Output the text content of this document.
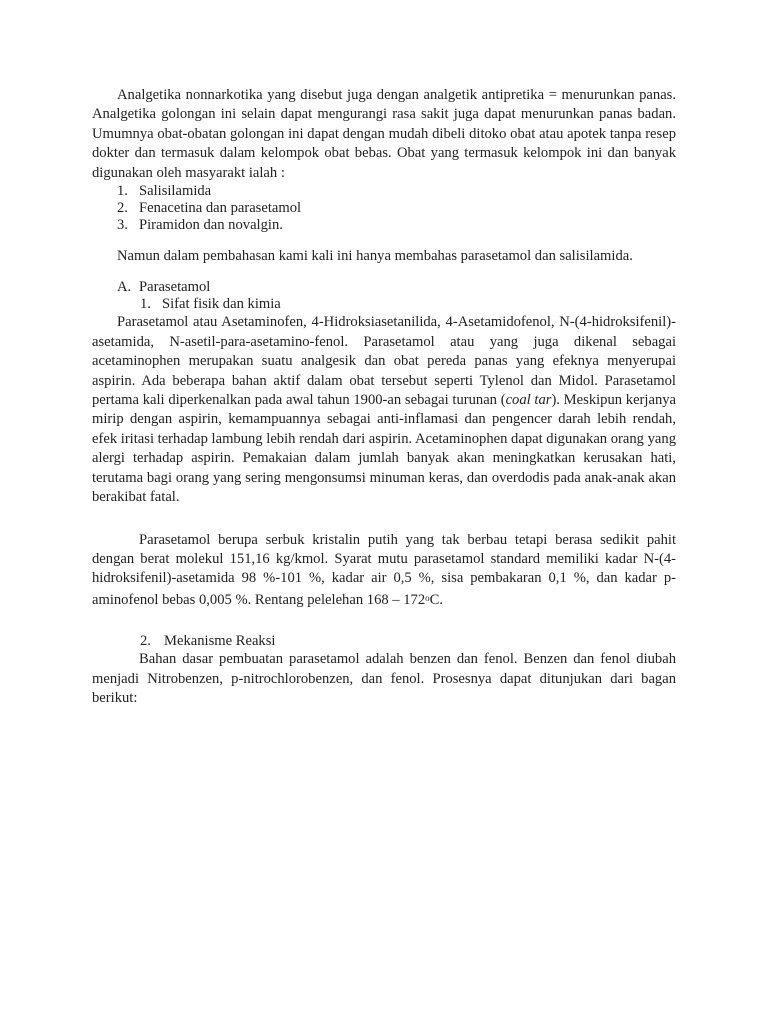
Analgetika nonnarkotika yang disebut juga dengan analgetik antipretika = menurunkan panas. Analgetika golongan ini selain dapat mengurangi rasa sakit juga dapat menurunkan panas badan. Umumnya obat-obatan golongan ini dapat dengan mudah dibeli ditoko obat atau apotek tanpa resep dokter dan termasuk dalam kelompok obat bebas. Obat yang termasuk kelompok ini dan banyak digunakan oleh masyarakt ialah :

1. Salisilamida
2. Fenacetina dan parasetamol
3. Piramidon dan novalgin.

Namun dalam pembahasan kami kali ini hanya membahas parasetamol dan salisilamida.

A. Parasetamol
1. Sifat fisik dan kimia

Parasetamol atau Asetaminofen, 4-Hidroksiasetanilida, 4-Asetamidofenol, N-(4-hidroksifenil)-asetamida, N-asetil-para-asetamino-fenol. Parasetamol atau yang juga dikenal sebagai acetaminophen merupakan suatu analgesik dan obat pereda panas yang efeknya menyerupai aspirin. Ada beberapa bahan aktif dalam obat tersebut seperti Tylenol dan Midol. Parasetamol pertama kali diperkenalkan pada awal tahun 1900-an sebagai turunan (coal tar). Meskipun kerjanya mirip dengan aspirin, kemampuannya sebagai anti-inflamasi dan pengencer darah lebih rendah, efek iritasi terhadap lambung lebih rendah dari aspirin. Acetaminophen dapat digunakan orang yang alergi terhadap aspirin. Pemakaian dalam jumlah banyak akan meningkatkan kerusakan hati, terutama bagi orang yang sering mengonsumsi minuman keras, dan overdodis pada anak-anak akan berakibat fatal.

Parasetamol berupa serbuk kristalin putih yang tak berbau tetapi berasa sedikit pahit dengan berat molekul 151,16 kg/kmol. Syarat mutu parasetamol standard memiliki kadar N-(4-hidroksifenil)-asetamida 98 %-101 %, kadar air 0,5 %, sisa pembakaran 0,1 %, dan kadar p-aminofenol bebas 0,005 %. Rentang pelelehan 168 – 172$^o$C.

2. Mekanisme Reaksi

Bahan dasar pembuatan parasetamol adalah benzen dan fenol. Benzen dan fenol diubah menjadi Nitrobenzen, p-nitrochlorobenzen, dan fenol. Prosesnya dapat ditunjukan dari bagan berikut:
